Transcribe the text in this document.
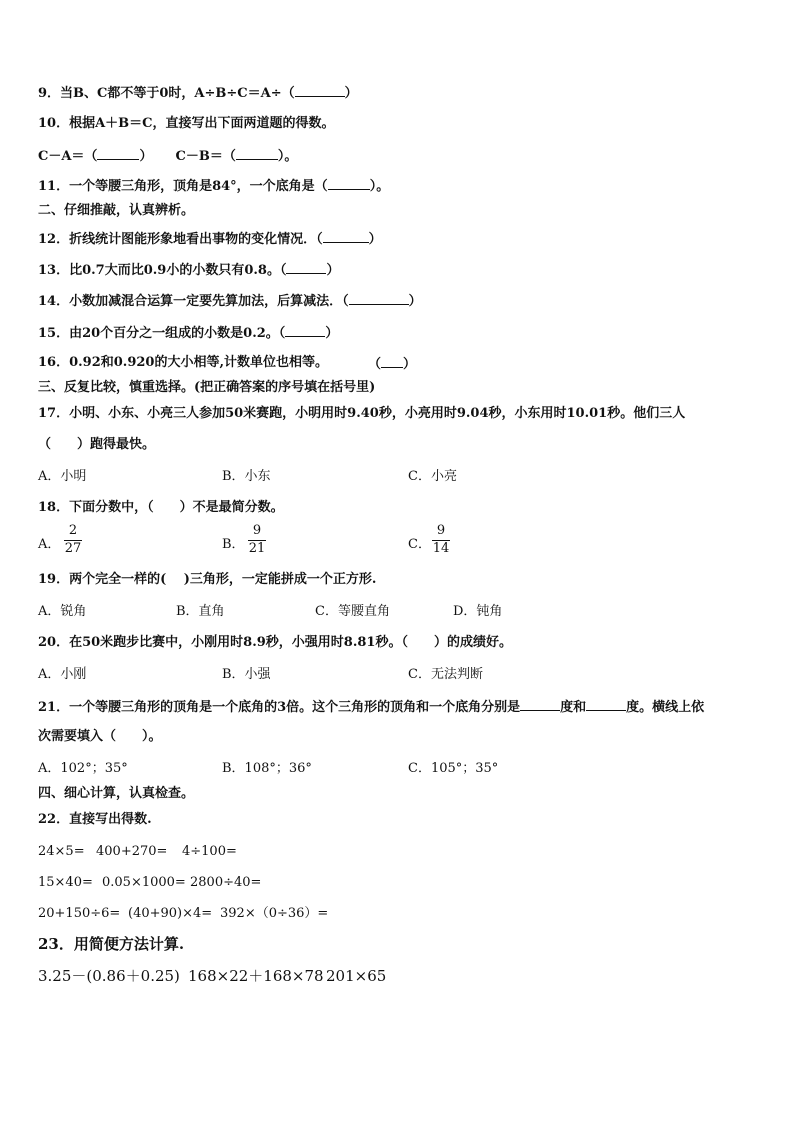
9．当B、C都不等于0时，A÷B÷C＝A÷（	）
10．根据A＋B＝C，直接写出下面两道题的得数。
C－A＝（	） C－B＝（	）。
11．一个等腰三角形，顶角是84°，一个底角是（	）。
二、仔细推敲，认真辨析。
12．折线统计图能形象地看出事物的变化情况．（	）
13．比0.7大而比0.9小的小数只有0.8。（	）
14．小数加减混合运算一定要先算加法，后算减法．（	）
15．由20个百分之一组成的小数是0.2。（	）
16．0.92和0.920的大小相等,计数单位也相等。	（ ）
三、反复比较，慎重选择。(把正确答案的序号填在括号里)
17．小明、小东、小亮三人参加50米赛跑，小明用时9.40秒，小亮用时9.04秒，小东用时10.01秒。他们三人
（　　）跑得最快。
A．小明	B．小东	C．小亮
18．下面分数中，（　　）不是最简分数。
A．
2
27	B．
9
21	C．
9
14
19．两个完全一样的(　 )三角形，一定能拼成一个正方形.
A．锐角	B．直角	C．等腰直角	D．钝角
20．在50米跑步比赛中，小刚用时8.9秒，小强用时8.81秒。（　　）的成绩好。
A．小刚	B．小强	C．无法判断
21．一个等腰三角形的顶角是一个底角的3倍。这个三角形的顶角和一个底角分别是	度和	度。横线上依
次需要填入（　　）。
A．102°；35°	B．108°；36°	C．105°；35°
四、细心计算，认真检查。
22．直接写出得数.
24×5= 400+270= 4÷100=
15×40= 0.05×1000= 2800÷40=
20+150÷6= (40+90)×4= 392×（0÷36）=
23．用简便方法计算.
3.25－(0.86＋0.25) 168×22＋168×78 201×65
